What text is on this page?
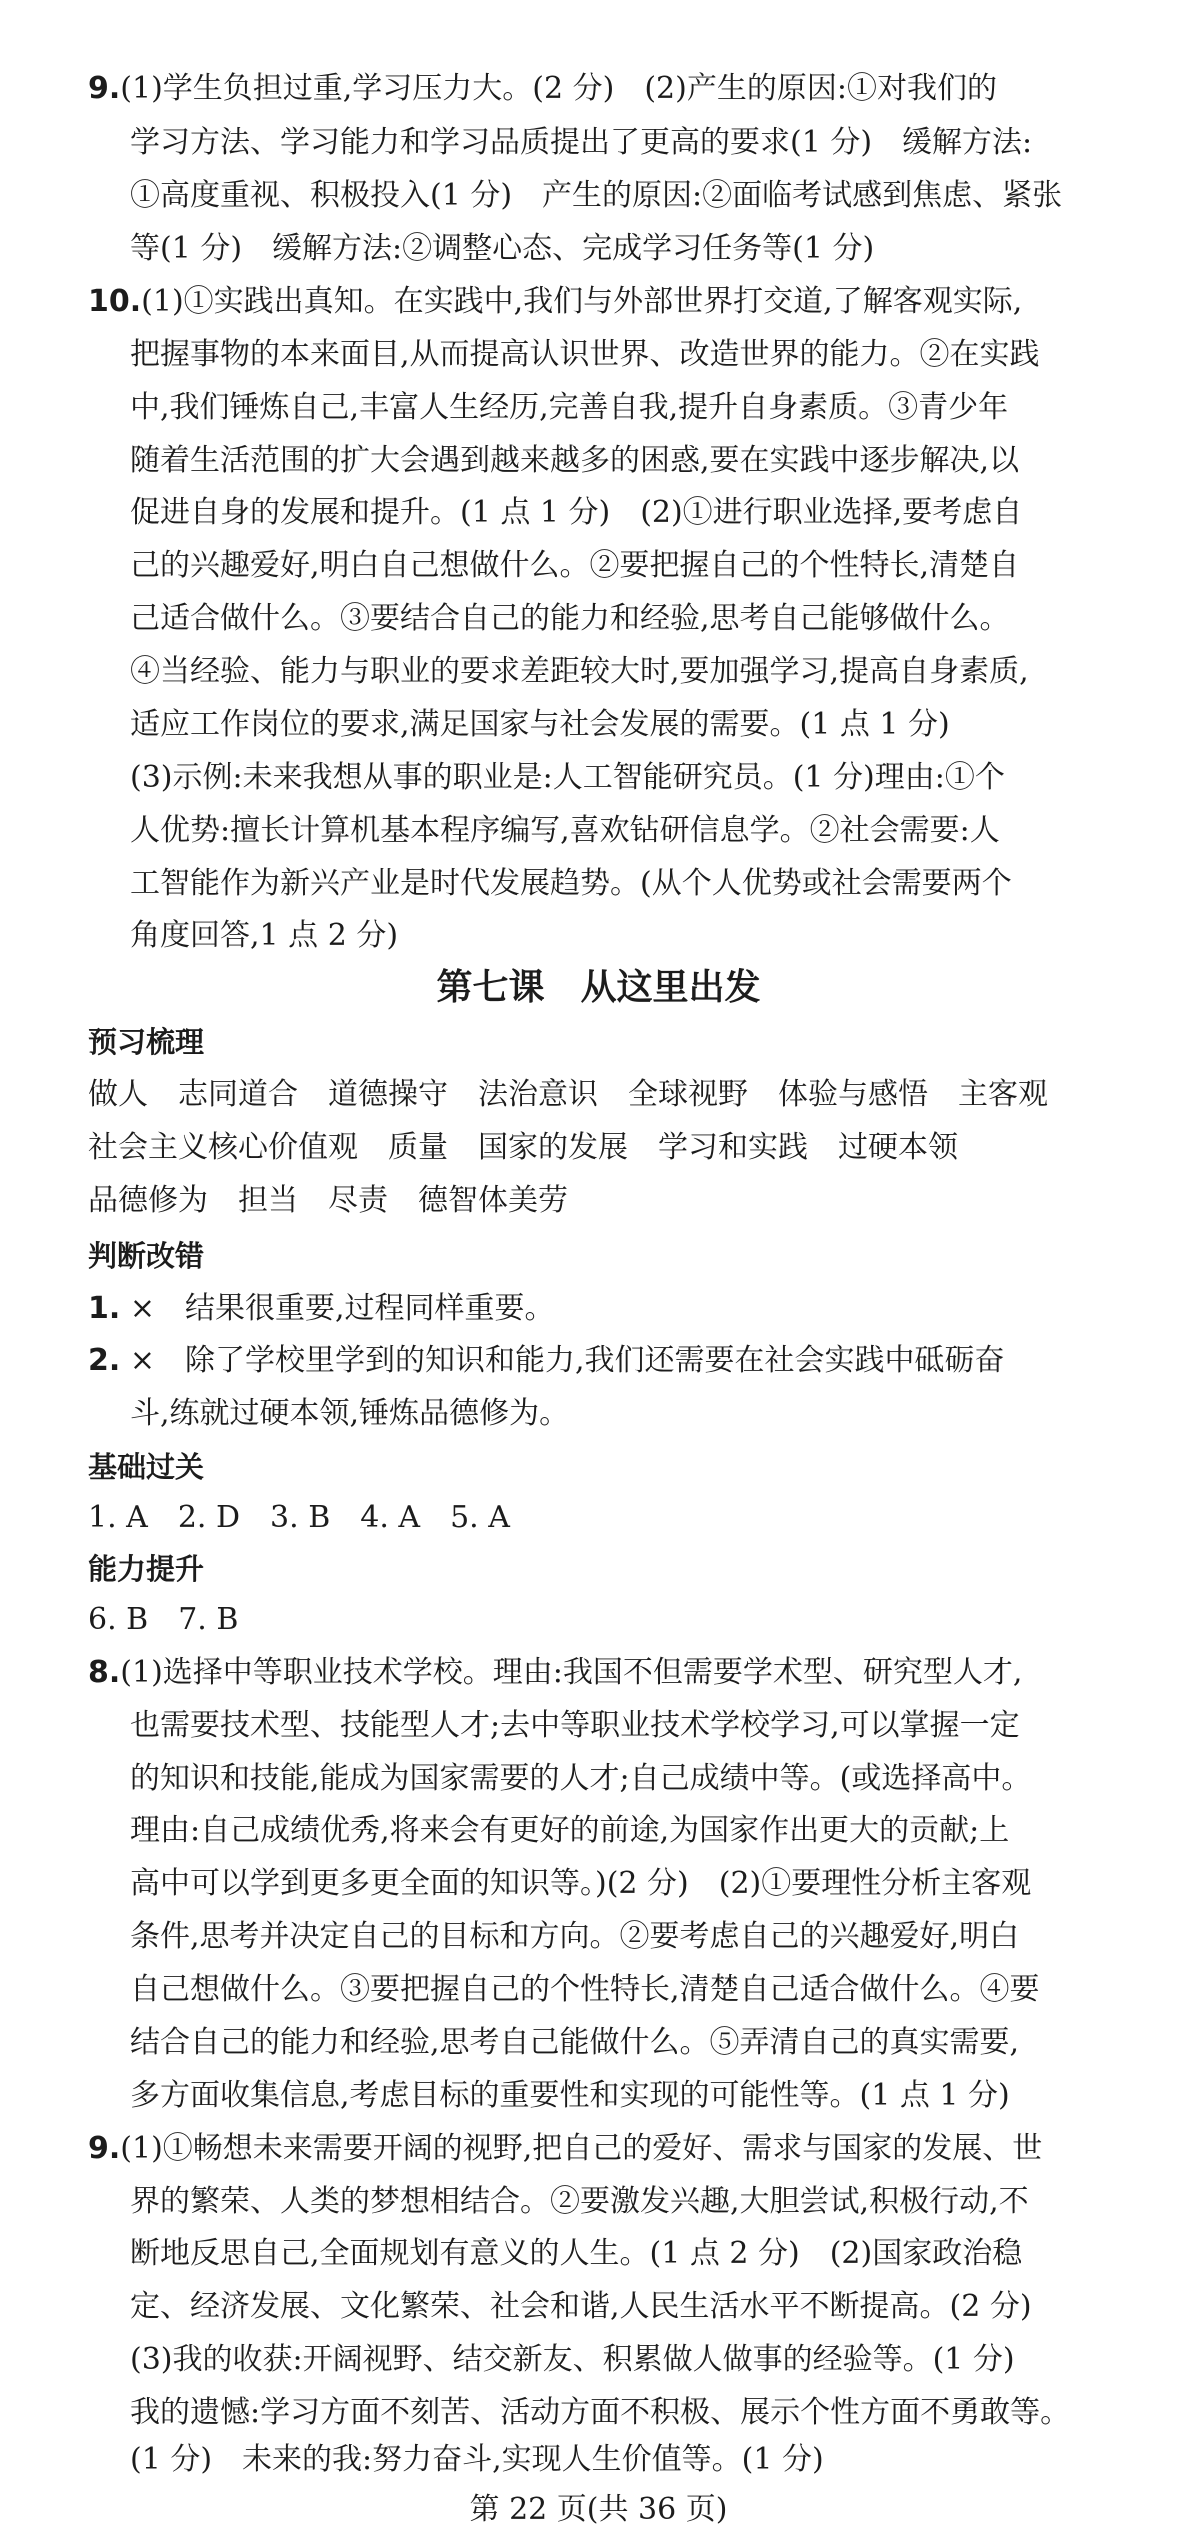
9.(1)学生负担过重,学习压力大。(2 分)　(2)产生的原因:①对我们的

学习方法、学习能力和学习品质提出了更高的要求(1 分)　缓解方法:

①高度重视、积极投入(1 分)　产生的原因:②面临考试感到焦虑、紧张

等(1 分)　缓解方法:②调整心态、完成学习任务等(1 分)

10.(1)①实践出真知。在实践中,我们与外部世界打交道,了解客观实际,

把握事物的本来面目,从而提高认识世界、改造世界的能力。②在实践

中,我们锤炼自己,丰富人生经历,完善自我,提升自身素质。③青少年

随着生活范围的扩大会遇到越来越多的困惑,要在实践中逐步解决,以

促进自身的发展和提升。(1 点 1 分)　(2)①进行职业选择,要考虑自

己的兴趣爱好,明白自己想做什么。②要把握自己的个性特长,清楚自

己适合做什么。③要结合自己的能力和经验,思考自己能够做什么。

④当经验、能力与职业的要求差距较大时,要加强学习,提高自身素质,

适应工作岗位的要求,满足国家与社会发展的需要。(1 点 1 分)

(3)示例:未来我想从事的职业是:人工智能研究员。(1 分)理由:①个

人优势:擅长计算机基本程序编写,喜欢钻研信息学。②社会需要:人

工智能作为新兴产业是时代发展趋势。(从个人优势或社会需要两个

角度回答,1 点 2 分)

第七课　从这里出发

预习梳理

做人　志同道合　道德操守　法治意识　全球视野　体验与感悟　主客观

社会主义核心价值观　质量　国家的发展　学习和实践　过硬本领

品德修为　担当　尽责　德智体美劳

判断改错

1. ×　结果很重要,过程同样重要。

2. ×　除了学校里学到的知识和能力,我们还需要在社会实践中砥砺奋

斗,练就过硬本领,锤炼品德修为。

基础过关

1. A　2. D　3. B　4. A　5. A

能力提升

6. B　7. B

8.(1)选择中等职业技术学校。理由:我国不但需要学术型、研究型人才,

也需要技术型、技能型人才;去中等职业技术学校学习,可以掌握一定

的知识和技能,能成为国家需要的人才;自己成绩中等。(或选择高中。

理由:自己成绩优秀,将来会有更好的前途,为国家作出更大的贡献;上

高中可以学到更多更全面的知识等。)(2 分)　(2)①要理性分析主客观

条件,思考并决定自己的目标和方向。②要考虑自己的兴趣爱好,明白

自己想做什么。③要把握自己的个性特长,清楚自己适合做什么。④要

结合自己的能力和经验,思考自己能做什么。⑤弄清自己的真实需要,

多方面收集信息,考虑目标的重要性和实现的可能性等。(1 点 1 分)

9.(1)①畅想未来需要开阔的视野,把自己的爱好、需求与国家的发展、世

界的繁荣、人类的梦想相结合。②要激发兴趣,大胆尝试,积极行动,不

断地反思自己,全面规划有意义的人生。(1 点 2 分)　(2)国家政治稳

定、经济发展、文化繁荣、社会和谐,人民生活水平不断提高。(2 分)

(3)我的收获:开阔视野、结交新友、积累做人做事的经验等。(1 分)

我的遗憾:学习方面不刻苦、活动方面不积极、展示个性方面不勇敢等。

(1 分)　未来的我:努力奋斗,实现人生价值等。(1 分)

第 22 页(共 36 页)
